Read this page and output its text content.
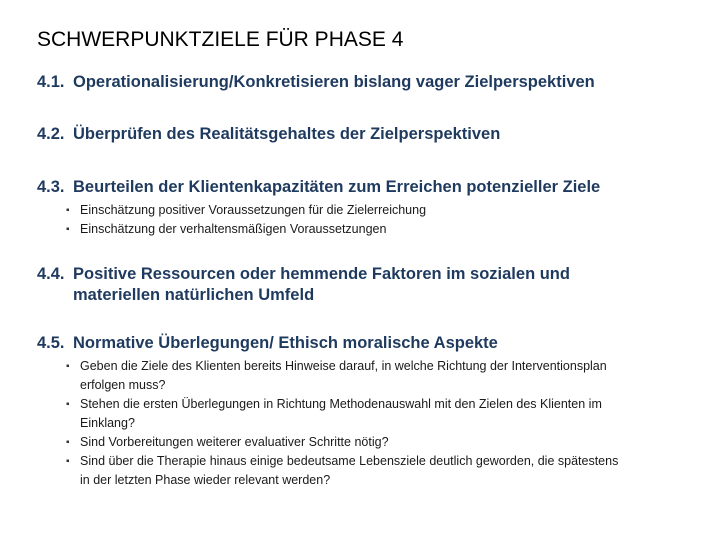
SCHWERPUNKTZIELE FÜR PHASE 4
4.1. Operationalisierung/Konkretisieren bislang vager Zielperspektiven
4.2. Überprüfen des Realitätsgehaltes der Zielperspektiven
4.3. Beurteilen der Klientenkapazitäten zum Erreichen potenzieller Ziele
▪ Einschätzung positiver Voraussetzungen für die Zielerreichung
▪ Einschätzung der verhaltensmäßigen Voraussetzungen
4.4. Positive Ressourcen oder hemmende Faktoren im sozialen und
materiellen natürlichen Umfeld
4.5. Normative Überlegungen/ Ethisch moralische Aspekte
▪ Geben die Ziele des Klienten bereits Hinweise darauf, in welche Richtung der Interventionsplan
erfolgen muss?
▪ Stehen die ersten Überlegungen in Richtung Methodenauswahl mit den Zielen des Klienten im
Einklang?
▪ Sind Vorbereitungen weiterer evaluativer Schritte nötig?
▪ Sind über die Therapie hinaus einige bedeutsame Lebensziele deutlich geworden, die spätestens
in der letzten Phase wieder relevant werden?
